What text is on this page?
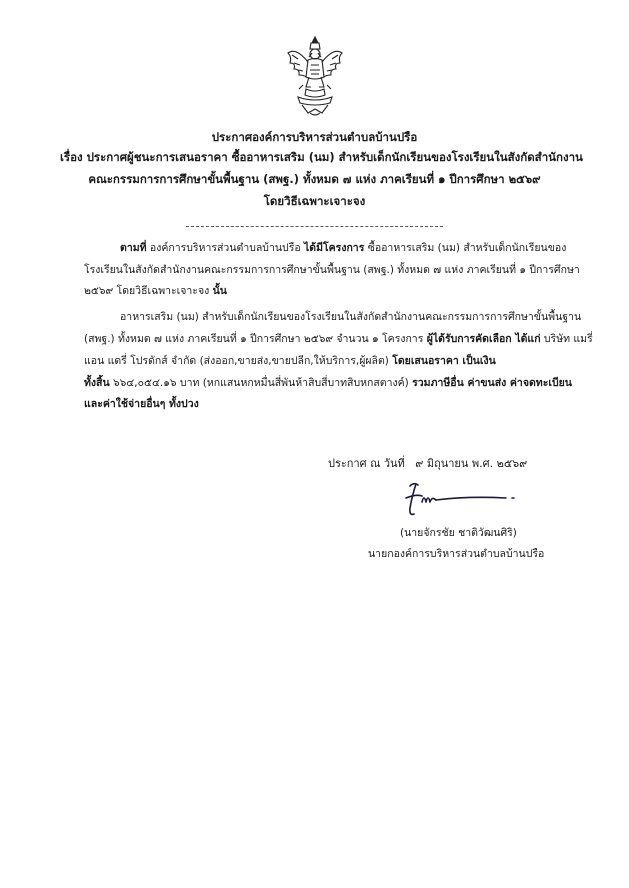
ประกาศองค์การบริหารส่วนตำบลบ้านปรือ
เรื่อง ประกาศผู้ชนะการเสนอราคา ซื้ออาหารเสริม (นม) สำหรับเด็กนักเรียนของโรงเรียนในสังกัดสำนักงาน
คณะกรรมการการศึกษาขั้นพื้นฐาน (สพฐ.) ทั้งหมด ๗ แห่ง ภาคเรียนที่ ๑ ปีการศึกษา ๒๕๖๙
โดยวิธีเฉพาะเจาะจง
ตามที่ องค์การบริหารส่วนตำบลบ้านปรือ ได้มีโครงการ ซื้ออาหารเสริม (นม) สำหรับเด็กนักเรียนของ
โรงเรียนในสังกัดสำนักงานคณะกรรมการการศึกษาขั้นพื้นฐาน (สพฐ.) ทั้งหมด ๗ แห่ง ภาคเรียนที่ ๑ ปีการศึกษา
๒๕๖๙ โดยวิธีเฉพาะเจาะจง นั้น
อาหารเสริม (นม) สำหรับเด็กนักเรียนของโรงเรียนในสังกัดสำนักงานคณะกรรมการการศึกษาขั้นพื้นฐาน
(สพฐ.) ทั้งหมด ๗ แห่ง ภาคเรียนที่ ๑ ปีการศึกษา ๒๕๖๙ จำนวน ๑ โครงการ ผู้ได้รับการคัดเลือก ได้แก่ บริษัท แมรี่
แอน แดรี่ โปรดักส์ จำกัด (ส่งออก,ขายส่ง,ขายปลีก,ให้บริการ,ผู้ผลิต) โดยเสนอราคา เป็นเงิน
ทั้งสิ้น ๖๖๔,๐๕๔.๑๖ บาท (หกแสนหกหมื่นสี่พันห้าสิบสี่บาทสิบหกสตางค์) รวมภาษีอื่น ค่าขนส่ง ค่าจดทะเบียน
และค่าใช้จ่ายอื่นๆ ทั้งปวง
ประกาศ ณ วันที่ ๙ มิถุนายน พ.ศ. ๒๕๖๙
(นายจักรชัย ชาติวัฒนศิริ)
นายกองค์การบริหารส่วนตำบลบ้านปรือ
